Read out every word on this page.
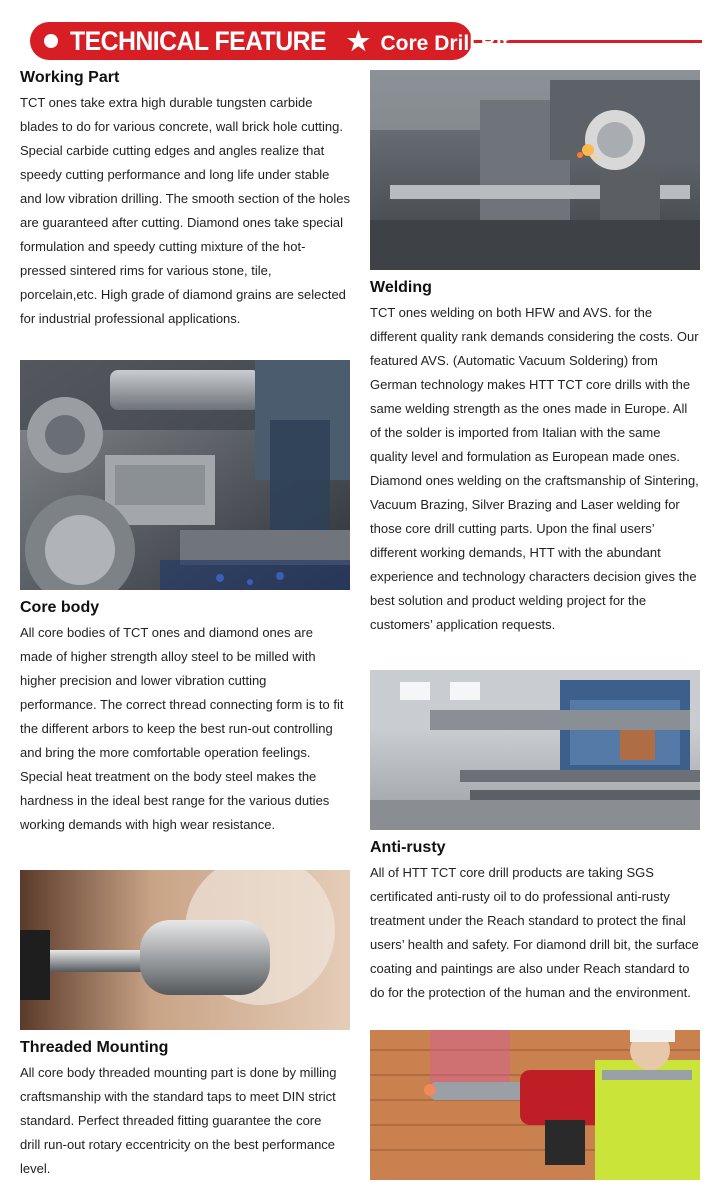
TECHNICAL FEATURE ★ Core Drill Bit
Working Part
TCT ones take extra high durable tungsten carbide blades to do for various concrete, wall brick hole cutting. Special carbide cutting edges and angles realize that speedy cutting performance and long life under stable and low vibration drilling. The smooth section of the holes are guaranteed after cutting. Diamond ones take special formulation and speedy cutting mixture of the hot-pressed sintered rims for various stone, tile, porcelain,etc. High grade of diamond grains are selected for industrial professional applications.
Core body
All core bodies of TCT ones and diamond ones are made of higher strength alloy steel to be milled with higher precision and lower vibration cutting performance. The correct thread connecting form is to fit the different arbors to keep the best run-out controlling and bring the more comfortable operation feelings. Special heat treatment on the body steel makes the hardness in the ideal best range for the various duties working demands with high wear resistance.
Threaded Mounting
All core body threaded mounting part is done by milling craftsmanship with the standard taps to meet DIN strict standard. Perfect threaded fitting guarantee the core drill run-out rotary eccentricity on the best performance level.
Welding

TCT ones welding on both HFW and AVS. for the different quality rank demands considering the costs. Our featured AVS. (Automatic Vacuum Soldering) from German technology makes HTT TCT core drills with the same welding strength as the ones made in Europe. All of the solder is imported from Italian with the same quality level and formulation as European made ones.

Diamond ones welding on the craftsmanship of Sintering, Vacuum Brazing, Silver Brazing and Laser welding for those core drill cutting parts. Upon the final users’ different working demands, HTT with the abundant experience and technology characters decision gives the best solution and product welding project for the customers’ application requests.

Anti-rusty
All of HTT TCT core drill products are taking SGS certificated anti-rusty oil to do professional anti-rusty treatment under the Reach standard to protect the final users’ health and safety. For diamond drill bit, the surface coating and paintings are also under Reach standard to do for the protection of the human and the environment.
